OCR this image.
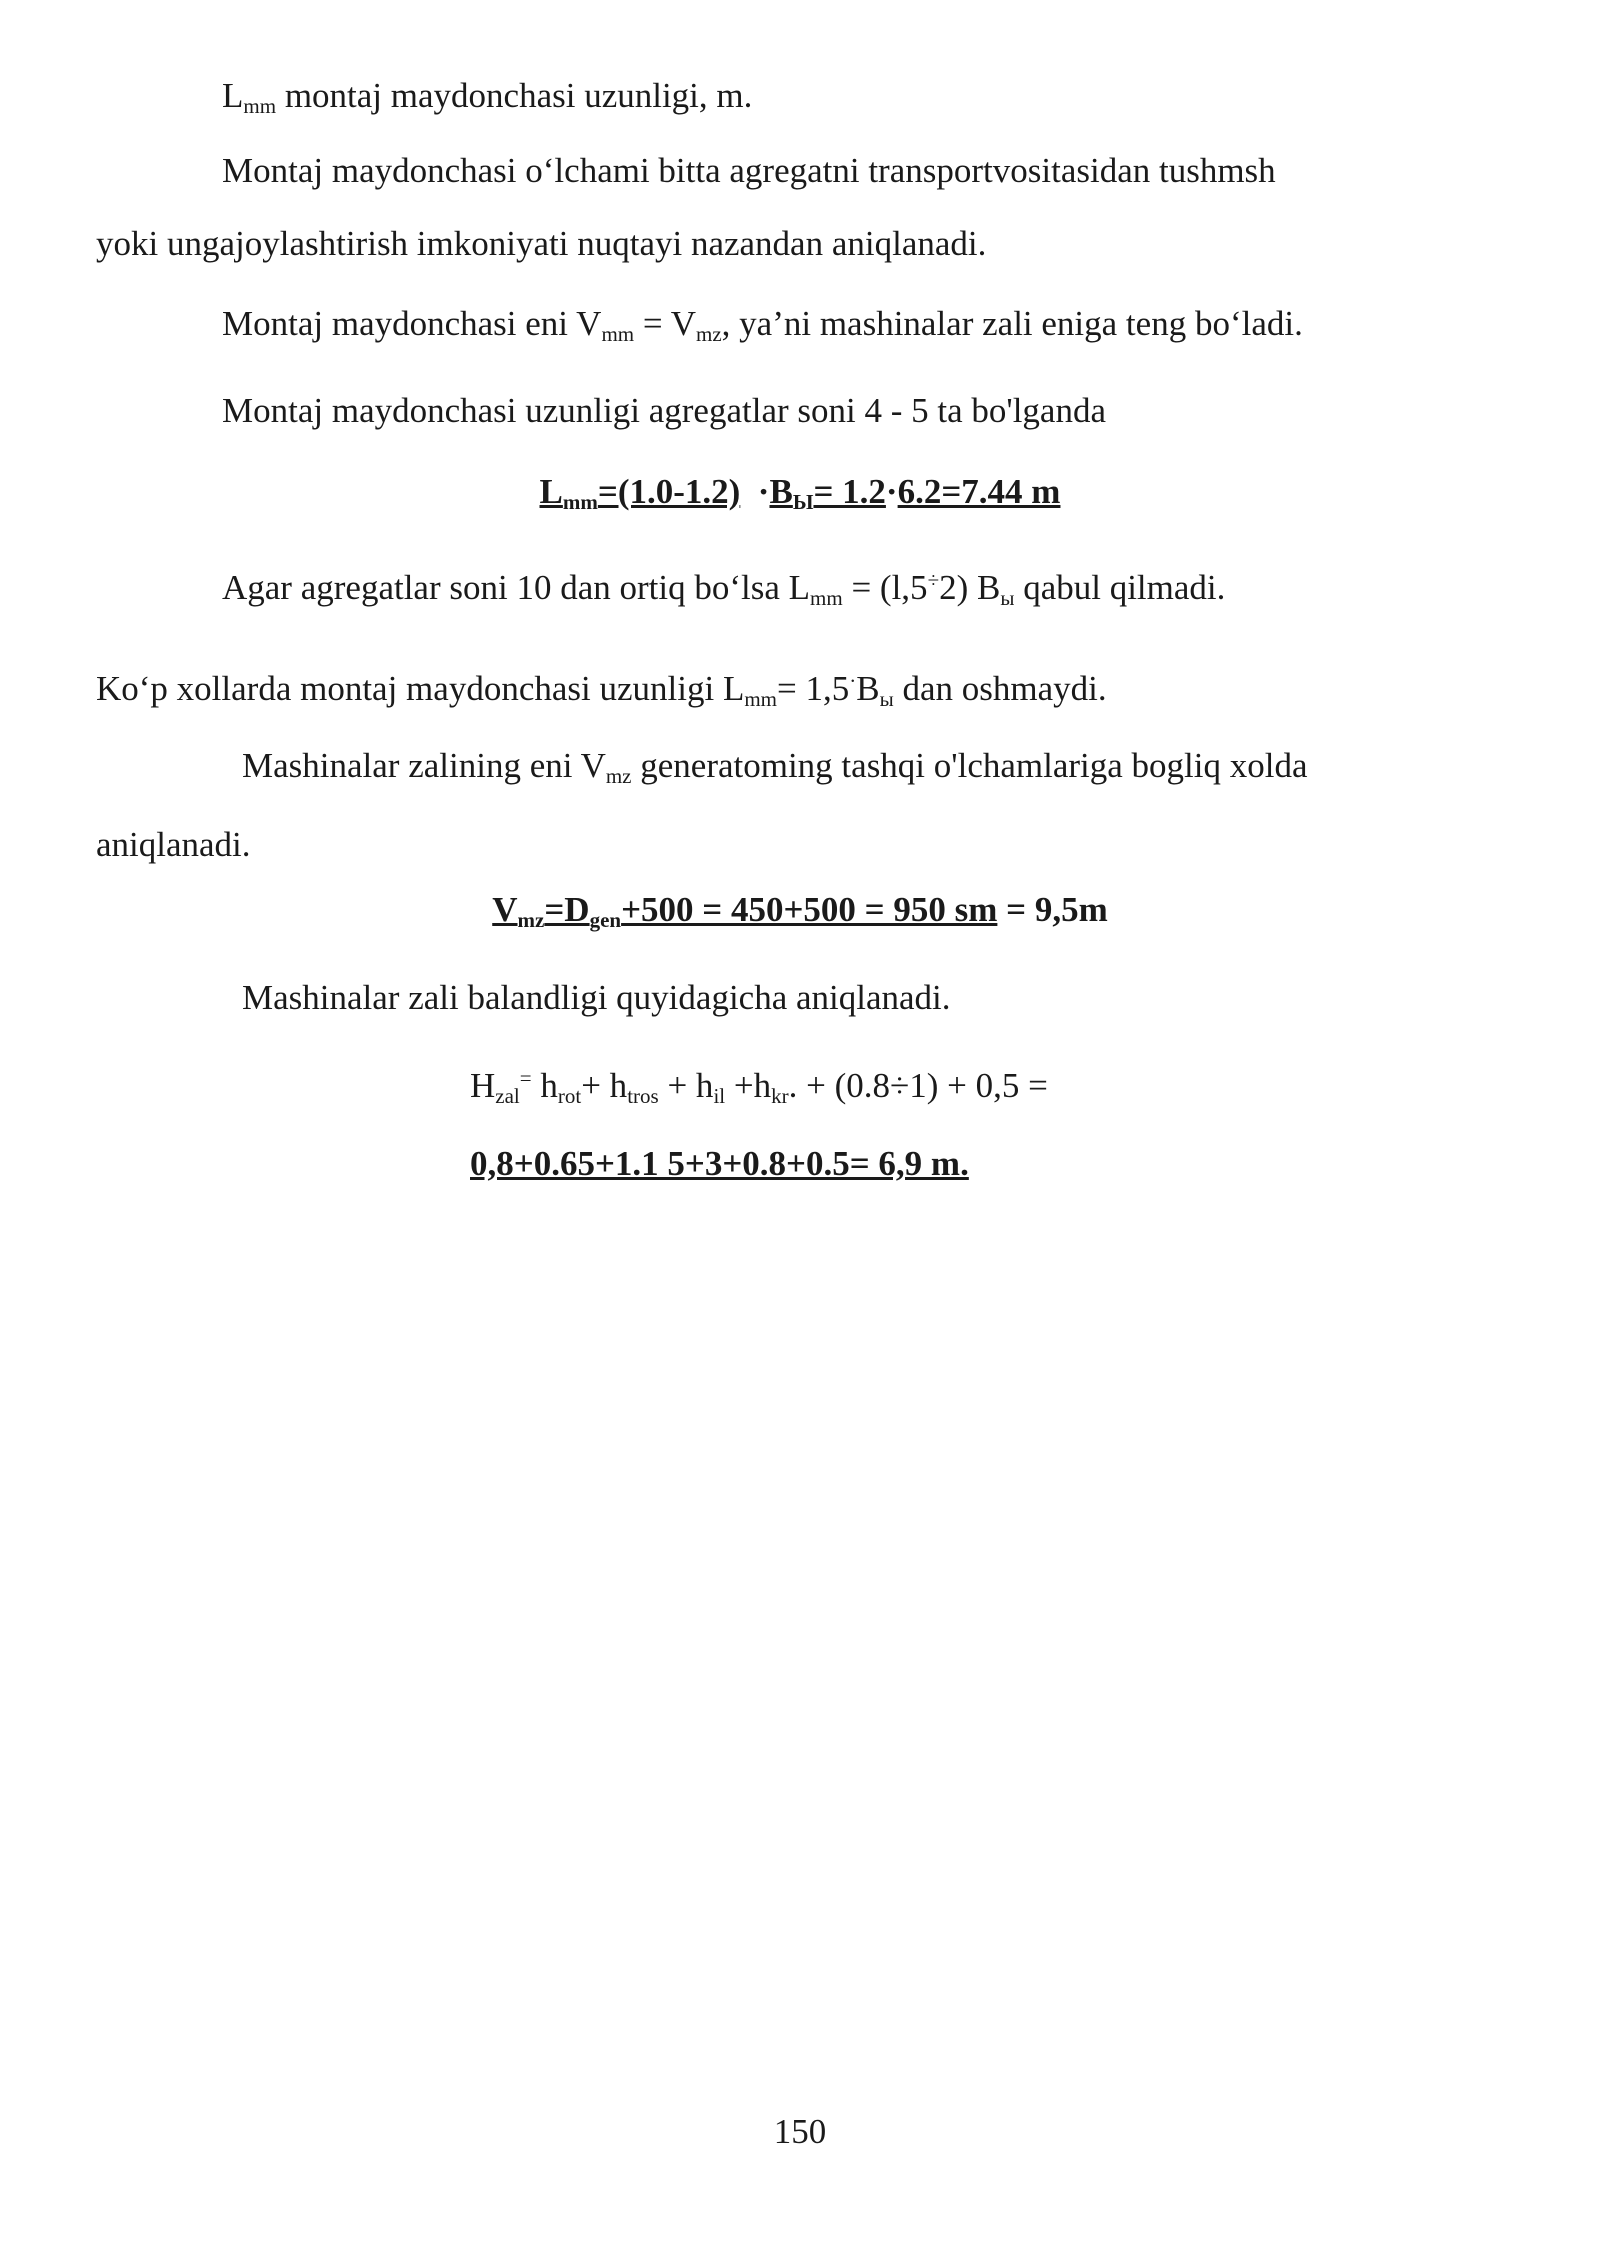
$L_{mm}$ montaj maydonchasi uzunligi, m.
Montaj maydonchasi o‘lchami bitta agregatni transportvositasidan tushmsh
yoki ungajoylashtirish imkoniyati nuqtayi nazandan aniqlanadi.
Montaj maydonchasi eni $V_{mm} = V_{mz}$, ya’ni mashinalar zali eniga teng bo‘ladi.
Montaj maydonchasi uzunligi agregatlar soni 4 - 5 ta bo'lganda
$L_{mm}=(1.0-1.2) \cdot B_Ы= 1.2\cdot 6.2=7.44$ m
Agar agregatlar soni 10 dan ortiq bo‘lsa $L_{mm} = (l,5^\div 2)$ $B_ы$ qabul qilmadi.
Ko‘p xollarda montaj maydonchasi uzunligi $L_{mm}= 1,5^\cdot B_ы$ dan oshmaydi.
Mashinalar zalining eni $V_{mz}$ generatoming tashqi o'lchamlariga bogliq xolda
aniqlanadi.
$V_{mz}=D_{gen}+500 = 450+500 = 950$ sm = 9,5m
Mashinalar zali balandligi quyidagicha aniqlanadi.
$H_{zal}^=$ $h_{rot}+ h_{tros} + h_{il} +h_{kr}$. + (0.8÷1) + 0,5 =
0,8+0.65+1.1 5+3+0.8+0.5= 6,9 m.
150
